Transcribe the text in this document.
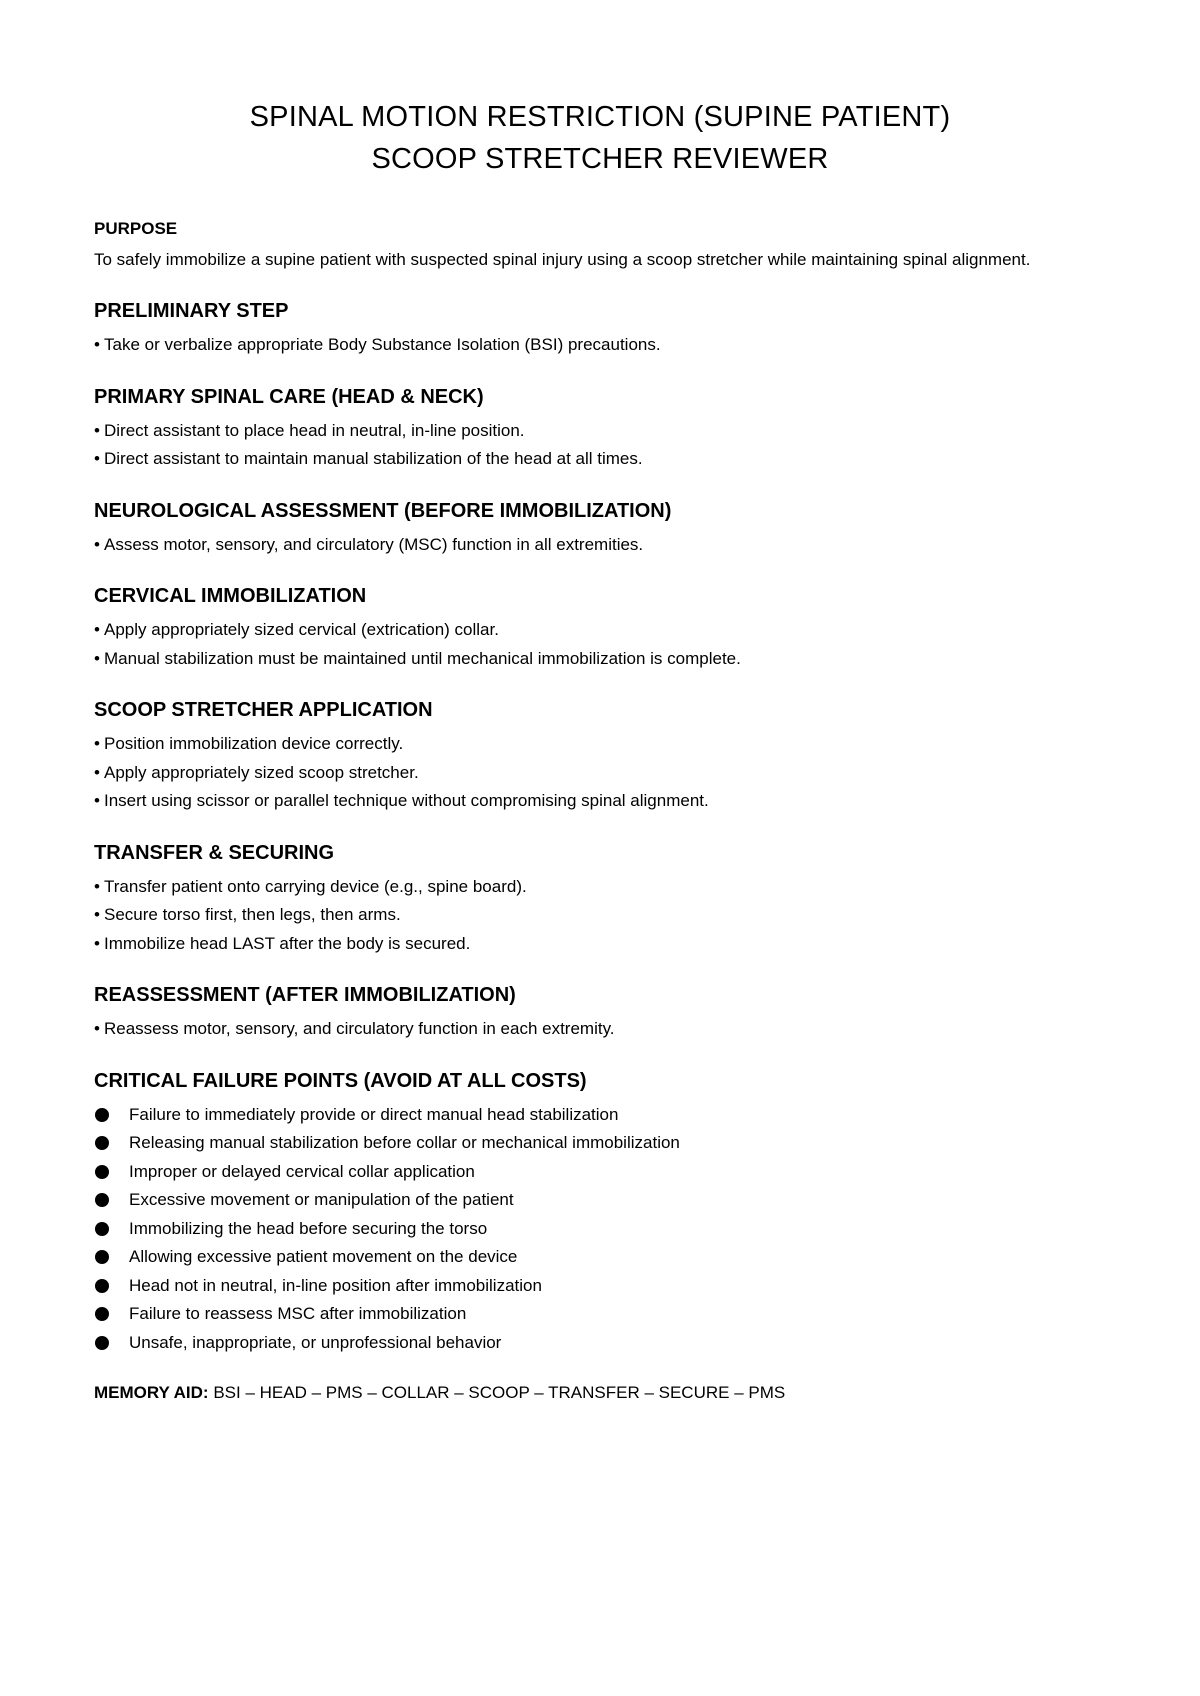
SPINAL MOTION RESTRICTION (SUPINE PATIENT)
SCOOP STRETCHER REVIEWER
PURPOSE
To safely immobilize a supine patient with suspected spinal injury using a scoop stretcher while maintaining spinal alignment.
PRELIMINARY STEP
• Take or verbalize appropriate Body Substance Isolation (BSI) precautions.
PRIMARY SPINAL CARE (HEAD & NECK)
• Direct assistant to place head in neutral, in-line position.
• Direct assistant to maintain manual stabilization of the head at all times.
NEUROLOGICAL ASSESSMENT (BEFORE IMMOBILIZATION)
• Assess motor, sensory, and circulatory (MSC) function in all extremities.
CERVICAL IMMOBILIZATION
• Apply appropriately sized cervical (extrication) collar.
• Manual stabilization must be maintained until mechanical immobilization is complete.
SCOOP STRETCHER APPLICATION
• Position immobilization device correctly.
• Apply appropriately sized scoop stretcher.
• Insert using scissor or parallel technique without compromising spinal alignment.
TRANSFER & SECURING
• Transfer patient onto carrying device (e.g., spine board).
• Secure torso first, then legs, then arms.
• Immobilize head LAST after the body is secured.
REASSESSMENT (AFTER IMMOBILIZATION)
• Reassess motor, sensory, and circulatory function in each extremity.
CRITICAL FAILURE POINTS (AVOID AT ALL COSTS)
Failure to immediately provide or direct manual head stabilization
Releasing manual stabilization before collar or mechanical immobilization
Improper or delayed cervical collar application
Excessive movement or manipulation of the patient
Immobilizing the head before securing the torso
Allowing excessive patient movement on the device
Head not in neutral, in-line position after immobilization
Failure to reassess MSC after immobilization
Unsafe, inappropriate, or unprofessional behavior
MEMORY AID: BSI – HEAD – PMS – COLLAR – SCOOP – TRANSFER – SECURE – PMS
